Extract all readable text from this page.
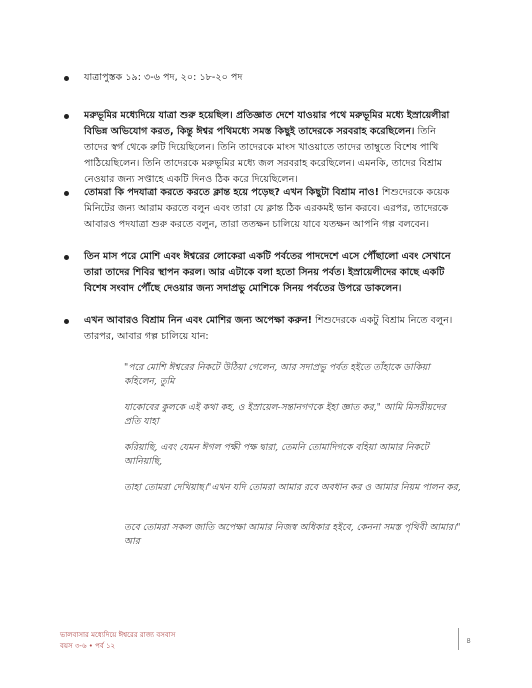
যাত্রাপুস্তক ১৯: ৩-৬ পদ, ২০: ১৮-২০ পদ
মরুভূমির মধ্যেদিয়ে যাত্রা শুরু হয়েছিল। প্রতিজ্ঞাত দেশে যাওয়ার পথে মরুভূমির মধ্যে ইস্রায়েলীরা বিভিন্ন অভিযোগ করত, কিন্তু ঈশ্বর পথিমধ্যে সমস্ত কিছুই তাদেরকে সরবরাহ করেছিলেন। তিনি তাদের স্বর্গ থেকে রুটি দিয়েছিলেন। তিনি তাদেরকে মাংস খাওয়াতে তাদের তাম্বুতে বিশেষ পাখি পাঠিয়েছিলেন। তিনি তাদেরকে মরুভূমির মধ্যে জল সরবরাহ করেছিলেন। এমনকি, তাদের বিশ্রাম নেওয়ার জন্য সপ্তাহে একটি দিনও ঠিক করে দিয়েছিলেন।
তোমরা কি পদযাত্রা করতে করতে ক্লান্ত হয়ে পড়েছ? এখন কিছুটা বিশ্রাম নাও! শিশুদেরকে কয়েক মিনিটের জন্য আরাম করতে বলুন এবং তারা যে ক্লান্ত ঠিক এরকমই ভান করবে। এরপর, তাদেরকে আবারও পদযাত্রা শুরু করতে বলুন, তারা ততক্ষন চালিয়ে যাবে যতক্ষন আপনি গল্প বলবেন।
তিন মাস পরে মোশি এবং ঈশ্বরের লোকেরা একটি পর্বতের পাদদেশে এসে পৌঁছালো এবং সেখানে তারা তাদের শিবির স্থাপন করল। আর এটাকে বলা হতো সিনয় পর্বত। ইস্রায়েলীদের কাছে একটি বিশেষ সংবাদ পৌঁছে দেওয়ার জন্য সদাপ্রভু মোশিকে সিনয় পর্বতের উপরে ডাকলেন।
এখন আবারও বিশ্রাম নিন এবং মোশির জন্য অপেক্ষা করুন! শিশুদেরকে একটু বিশ্রাম নিতে বলুন। তারপর, আবার গল্প চালিয়ে যান:
"পরে মোশি ঈশ্বরের নিকটে উঠিয়া গেলেন, আর সদাপ্রভু পর্বত হইতে তাঁহাকে ডাকিয়া কহিলেন, তুমি
যাকোবের কুলকে এই কথা কহ, ও ইস্রায়েল-সন্তানগণকে ইহা জ্ঞাত কর," আমি মিসরীয়দের প্রতি যাহা
করিয়াছি, এবং যেমন ঈগল পক্ষী পক্ষ দ্বারা, তেমনি তোমাদিগকে বহিয়া আমার নিকটে আনিয়াছি,
তাহা তোমরা দেখিয়াছ।"এখন যদি তোমরা আমার রবে অবধান কর ও আমার নিয়ম পালন কর,
তবে তোমরা সকল জাতি অপেক্ষা আমার নিজস্ব অধিকার হইবে, কেননা সমস্ত পৃথিবী আমার।" আর
ভালবাসার মধ্যেদিয়ে ঈশ্বরের রাজ্য বসবাস
বয়স ৩-৬ • পর্ব ১২
৪
